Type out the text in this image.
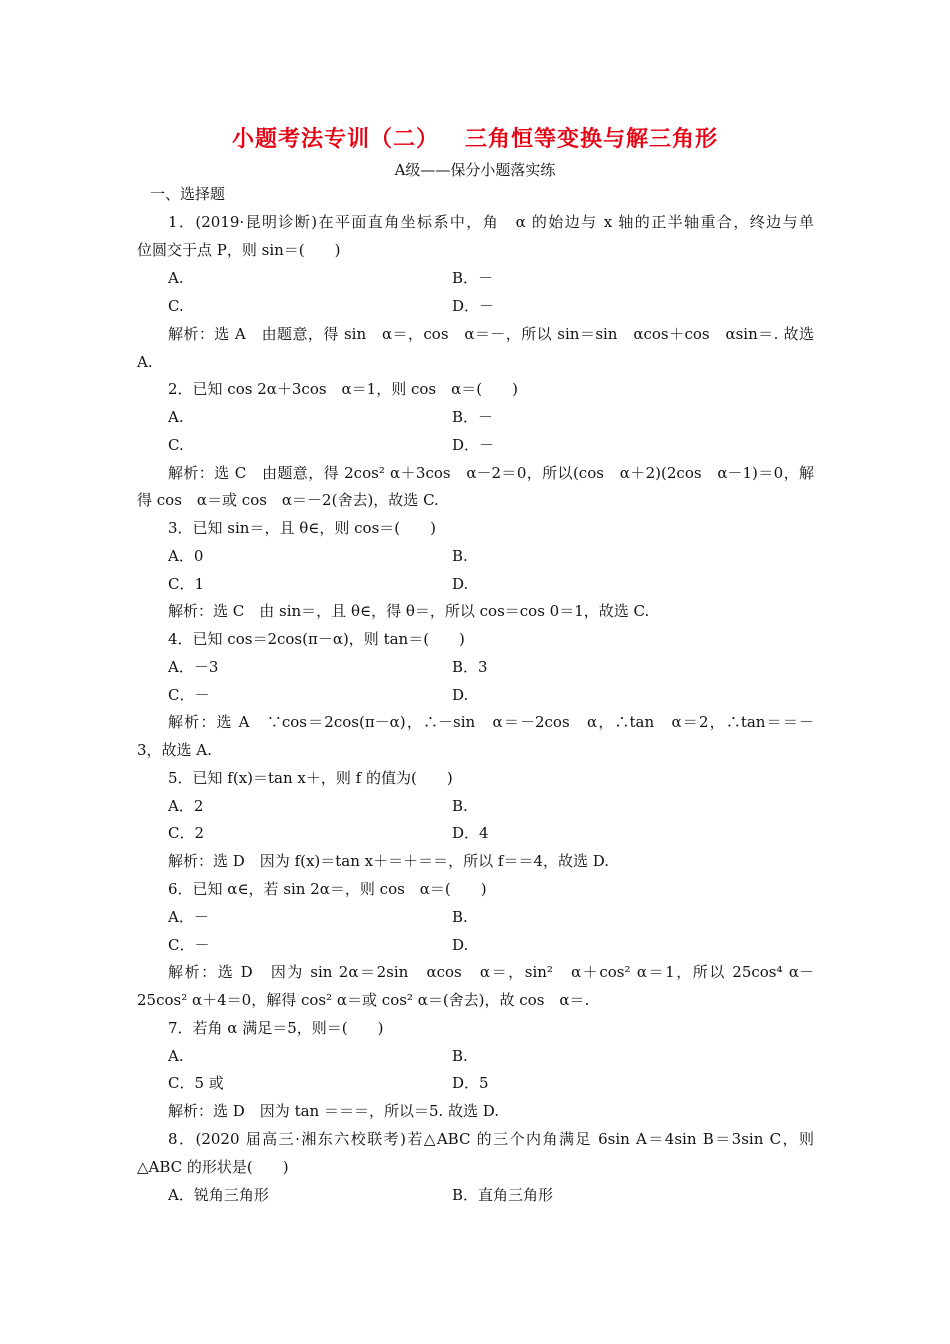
小题考法专训（二） 三角恒等变换与解三角形
A级——保分小题落实练
一、选择题
1．(2019·昆明诊断)在平面直角坐标系中，角　α 的始边与 x 轴的正半轴重合，终边与单
位圆交于点 P，则 sin＝(　　)
A.	B．－
C.	D．－
解析：选 A　由题意，得 sin　α＝，cos　α＝－，所以 sin＝sin　αcos＋cos　αsin＝. 故选
A.
2．已知 cos 2α＋3cos　α＝1，则 cos　α＝(　　)
A.	B．－
C.	D．－
解析：选 C　由题意，得 2cos² α＋3cos　α－2＝0，所以(cos　α＋2)(2cos　α－1)＝0，解
得 cos　α＝或 cos　α＝－2(舍去)，故选 C.
3．已知 sin＝，且 θ∈，则 cos＝(　　)
A．0	B.
C．1	D.
解析：选 C　由 sin＝，且 θ∈，得 θ＝，所以 cos＝cos 0＝1，故选 C.
4．已知 cos＝2cos(π－α)，则 tan＝(　　)
A．－3	B．3
C．－	D.
解析：选 A　∵cos＝2cos(π－α)，∴－sin　α＝－2cos　α，∴tan　α＝2，∴tan＝＝－
3，故选 A.
5．已知 f(x)＝tan x＋，则 f 的值为(　　)
A．2	B.
C．2	D．4
解析：选 D　因为 f(x)＝tan x＋＝＋＝＝，所以 f＝＝4，故选 D.
6．已知 α∈，若 sin 2α＝，则 cos　α＝(　　)
A．－	B.
C．－	D.
解析：选 D　因为 sin 2α＝2sin　αcos　α＝，sin²　α＋cos² α＝1，所以 25cos⁴ α－
25cos² α＋4＝0，解得 cos² α＝或 cos² α＝(舍去)，故 cos　α＝.
7．若角 α 满足＝5，则＝(　　)
A.	B.
C．5 或	D．5
解析：选 D　因为 tan ＝＝＝，所以＝5. 故选 D.
8．(2020 届高三·湘东六校联考)若△ABC 的三个内角满足 6sin A＝4sin B＝3sin C，则
△ABC 的形状是(　　)
A．锐角三角形	B．直角三角形
